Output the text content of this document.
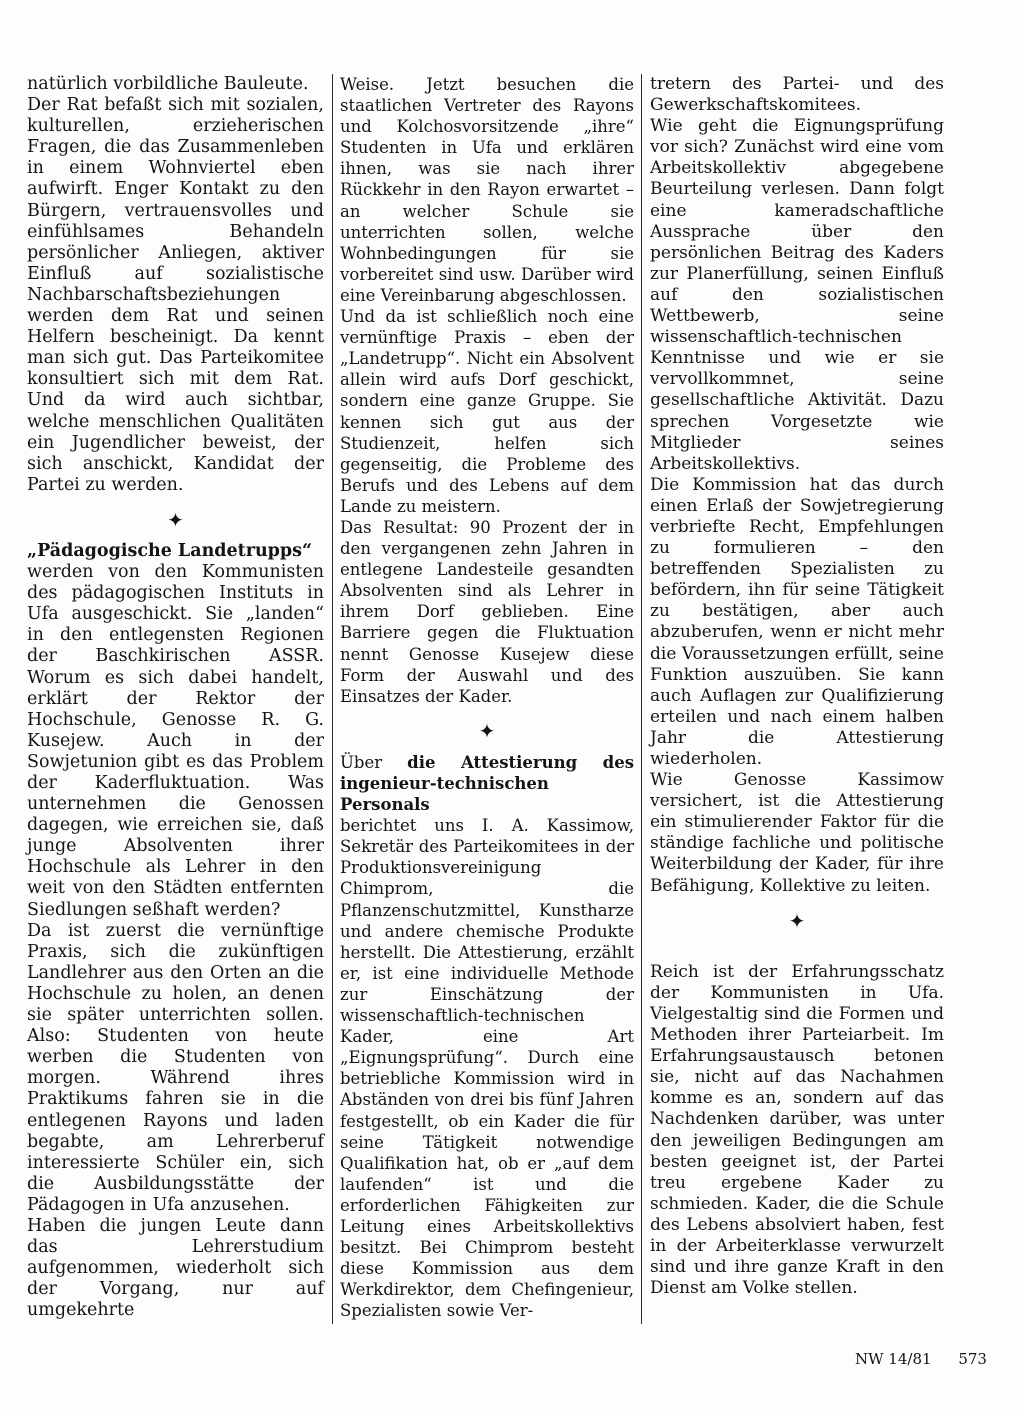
natürlich vorbildliche Bauleute.

Der Rat befaßt sich mit sozialen, kulturellen, erzieherischen Fragen, die das Zusammenleben in einem Wohnviertel eben aufwirft. Enger Kontakt zu den Bürgern, vertrauensvolles und einfühlsames Behandeln persönlicher Anliegen, aktiver Einfluß auf sozialistische Nachbarschaftsbeziehungen werden dem Rat und seinen Helfern bescheinigt. Da kennt man sich gut. Das Parteikomitee konsultiert sich mit dem Rat. Und da wird auch sichtbar, welche menschlichen Qualitäten ein Jugendlicher beweist, der sich anschickt, Kandidat der Partei zu werden.

✦

„Pädagogische Landetrupps“

werden von den Kommunisten des pädagogischen Instituts in Ufa ausgeschickt. Sie „landen“ in den entlegensten Regionen der Baschkirischen ASSR. Worum es sich dabei handelt, erklärt der Rektor der Hochschule, Genosse R. G. Kusejew. Auch in der Sowjetunion gibt es das Problem der Kaderfluktuation. Was unternehmen die Genossen dagegen, wie erreichen sie, daß junge Absolventen ihrer Hochschule als Lehrer in den weit von den Städten entfernten Siedlungen seßhaft werden?

Da ist zuerst die vernünftige Praxis, sich die zukünftigen Landlehrer aus den Orten an die Hochschule zu holen, an denen sie später unterrichten sollen. Also: Studenten von heute werben die Studenten von morgen. Während ihres Praktikums fahren sie in die entlegenen Rayons und laden begabte, am Lehrerberuf interessierte Schüler ein, sich die Ausbildungsstätte der Pädagogen in Ufa anzusehen.

Haben die jungen Leute dann das Lehrerstudium aufgenommen, wiederholt sich der Vorgang, nur auf umgekehrte

Weise. Jetzt besuchen die staatlichen Vertreter des Rayons und Kolchosvorsitzende „ihre“ Studenten in Ufa und erklären ihnen, was sie nach ihrer Rückkehr in den Rayon erwartet – an welcher Schule sie unterrichten sollen, welche Wohnbedingungen für sie vorbereitet sind usw. Darüber wird eine Vereinbarung abgeschlossen.

Und da ist schließlich noch eine vernünftige Praxis – eben der „Landetrupp“. Nicht ein Absolvent allein wird aufs Dorf geschickt, sondern eine ganze Gruppe. Sie kennen sich gut aus der Studienzeit, helfen sich gegenseitig, die Probleme des Berufs und des Lebens auf dem Lande zu meistern.

Das Resultat: 90 Prozent der in den vergangenen zehn Jahren in entlegene Landesteile gesandten Absolventen sind als Lehrer in ihrem Dorf geblieben. Eine Barriere gegen die Fluktuation nennt Genosse Kusejew diese Form der Auswahl und des Einsatzes der Kader.

✦

Über die Attestierung des ingenieur-technischen Personals

berichtet uns I. A. Kassimow, Sekretär des Parteikomitees in der Produktionsvereinigung Chimprom, die Pflanzenschutzmittel, Kunstharze und andere chemische Produkte herstellt. Die Attestierung, erzählt er, ist eine individuelle Methode zur Einschätzung der wissenschaftlich-technischen Kader, eine Art „Eignungsprüfung“. Durch eine betriebliche Kommission wird in Abständen von drei bis fünf Jahren festgestellt, ob ein Kader die für seine Tätigkeit notwendige Qualifikation hat, ob er „auf dem laufenden“ ist und die erforderlichen Fähigkeiten zur Leitung eines Arbeitskollektivs besitzt. Bei Chimprom besteht diese Kommission aus dem Werkdirektor, dem Chefingenieur, Spezialisten sowie Ver-

tretern des Partei- und des Gewerkschaftskomitees.

Wie geht die Eignungsprüfung vor sich? Zunächst wird eine vom Arbeitskollektiv abgegebene Beurteilung verlesen. Dann folgt eine kameradschaftliche Aussprache über den persönlichen Beitrag des Kaders zur Planerfüllung, seinen Einfluß auf den sozialistischen Wettbewerb, seine wissenschaftlich-technischen Kenntnisse und wie er sie vervollkommnet, seine gesellschaftliche Aktivität. Dazu sprechen Vorgesetzte wie Mitglieder seines Arbeitskollektivs.

Die Kommission hat das durch einen Erlaß der Sowjetregierung verbriefte Recht, Empfehlungen zu formulieren – den betreffenden Spezialisten zu befördern, ihn für seine Tätigkeit zu bestätigen, aber auch abzuberufen, wenn er nicht mehr die Voraussetzungen erfüllt, seine Funktion auszuüben. Sie kann auch Auflagen zur Qualifizierung erteilen und nach einem halben Jahr die Attestierung wiederholen.

Wie Genosse Kassimow versichert, ist die Attestierung ein stimulierender Faktor für die ständige fachliche und politische Weiterbildung der Kader, für ihre Befähigung, Kollektive zu leiten.

✦

Reich ist der Erfahrungsschatz der Kommunisten in Ufa. Vielgestaltig sind die Formen und Methoden ihrer Parteiarbeit. Im Erfahrungsaustausch betonen sie, nicht auf das Nachahmen komme es an, sondern auf das Nachdenken darüber, was unter den jeweiligen Bedingungen am besten geeignet ist, der Partei treu ergebene Kader zu schmieden. Kader, die die Schule des Lebens absolviert haben, fest in der Arbeiterklasse verwurzelt sind und ihre ganze Kraft in den Dienst am Volke stellen.

NW 14/81 573
